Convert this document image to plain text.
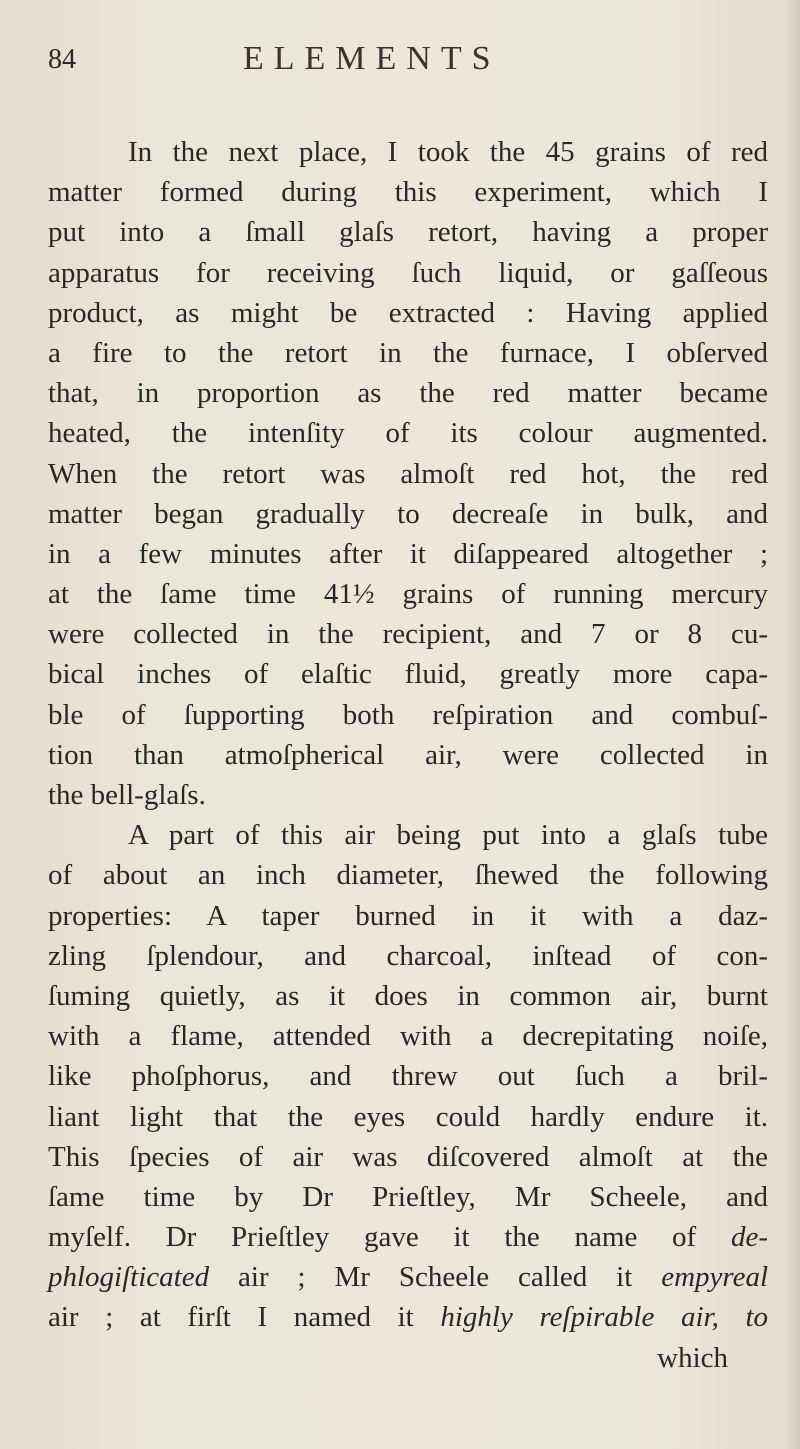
84	ELEMENTS
In the next place, I took the 45 grains of red
matter formed during this experiment, which I
put into a ſmall glaſs retort, having a proper
apparatus for receiving ſuch liquid, or gaſſeous
product, as might be extracted : Having applied
a fire to the retort in the furnace, I obſerved
that, in proportion as the red matter became
heated, the intenſity of its colour augmented.
When the retort was almoſt red hot, the red
matter began gradually to decreaſe in bulk, and
in a few minutes after it diſappeared altogether ;
at the ſame time 41½ grains of running mercury
were collected in the recipient, and 7 or 8 cu-
bical inches of elaſtic fluid, greatly more capa-
ble of ſupporting both reſpiration and combuſ-
tion than atmoſpherical air, were collected in
the bell-glaſs.
A part of this air being put into a glaſs tube
of about an inch diameter, ſhewed the following
properties: A taper burned in it with a daz-
zling ſplendour, and charcoal, inſtead of con-
ſuming quietly, as it does in common air, burnt
with a flame, attended with a decrepitating noiſe,
like phoſphorus, and threw out ſuch a bril-
liant light that the eyes could hardly endure it.
This ſpecies of air was diſcovered almoſt at the
ſame time by Dr Prieſtley, Mr Scheele, and
myſelf. Dr Prieſtley gave it the name of de-
phlogiſticated air ; Mr Scheele called it empyreal
air ; at firſt I named it highly reſpirable air, to
which
